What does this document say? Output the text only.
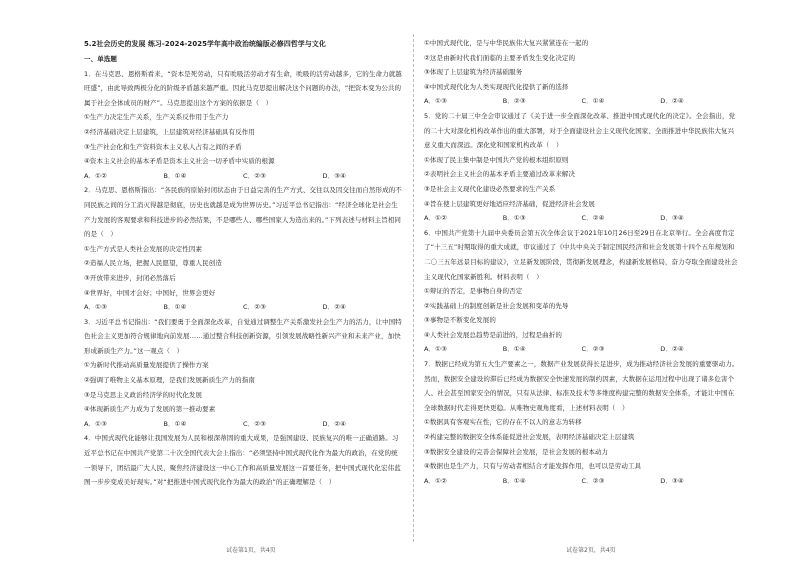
5.2社会历史的发展 练习-2024-2025学年高中政治统编版必修四哲学与文化
一、单选题

1．在马克思、恩格斯看来，“资本是死劳动，只有吮吸活劳动才有生命，吮吸的活劳动越多，它的生命力就越旺盛”，由此导致两极分化的阶级矛盾越来越严重。因此马克思提出解决这个问题的办法，“把资本变为公共的属于社会全体成员的财产”。马克思提出这个方案的依据是（　）

①生产力决定生产关系，生产关系反作用于生产力

②经济基础决定上层建筑，上层建筑对经济基础具有反作用

③生产社会化和生产资料资本主义私人占有之间的矛盾

④资本主义社会的基本矛盾是资本主义社会一切矛盾中实质的根源

A．①②	B．①④	C．②③	D．③④

2．马克思、恩格斯指出：“各民族的原始封闭状态由于日益完善的生产方式、交往以及因交往而自然形成的不同民族之间的分工消灭得越是彻底，历史也就越是成为世界历史。”习近平总书记指出：“经济全球化是社会生产力发展的客观要求和科技进步的必然结果，不是哪些人、哪些国家人为造出来的。”下列表述与材料主旨相同的是（　）

①生产方式是人类社会发展的决定性因素

②造福人民立场，把握人民愿望，尊重人民创造

③开放带来进步，封闭必然落后

④世界好，中国才会好；中国好，世界会更好

A．①③	B．①④	C．②③	D．②④

3．习近平总书记指出：“我们要勇于全面深化改革，自觉通过调整生产关系激发社会生产力的活力，让中国特色社会主义更加符合规律地向前发展……通过整合科技创新资源，引领发展战略性新兴产业和未来产业，加快形成新质生产力。”这一观点（　）

①为新时代推动高质量发展提供了操作方案

②强调了唯物主义基本原理，是我们发展新质生产力的指南

③是马克思主义政治经济学的时代化发展

④体现新质生产力成为了发展的第一推动要素

A．①③	B．①④	C．②③	D．②④

4．中国式现代化能够让我国发展为人民和根深蒂固的重大成果，是强国建设、民族复兴的唯一正确道路。习近平总书记在中国共产党第二十次全国代表大会上指出：“必须坚持中国式现代化作为最大的政治，在党的统一领导下，团结最广大人民，聚焦经济建设这一中心工作和高质量发展这一首要任务，把中国式现代化宏伟蓝图一步步变成美好现实。”对“把推进中国式现代化作为最大的政治”的正确理解是（　）

①中国式现代化，是与中华民族伟大复兴紧紧连在一起的

②这是由新时代我们面临的主要矛盾发生变化决定的

③体现了上层建筑为经济基础服务

④中国式现代化为人类实现现代化提供了新的选择

A．①③	B．②③	C．①④	D．②④

5．党的二十届三中全会审议通过了《关于进一步全面深化改革、推进中国式现代化的决定》。全会指出，党的二十大对深化机构改革作出的重大部署，对于全面建设社会主义现代化国家、全面推进中华民族伟大复兴意义重大而深远。深化党和国家机构改革（　）

①体现了民主集中制是中国共产党的根本组织原则

②表明社会主义社会的基本矛盾主要通过改革来解决

③是社会主义现代化建设必然要求的生产关系

④旨在使上层建筑更好地适应经济基础，促进经济社会发展

A．①②	B．①③	C．②④	D．③④

6．中国共产党第十九届中央委员会第五次全体会议于2021年10月26日至29日在北京举行。全会高度肯定了“十三五”时期取得的重大成就，审议通过了《中共中央关于制定国民经济和社会发展第十四个五年规划和二〇三五年远景目标的建议》，立足新发展阶段，贯彻新发展理念，构建新发展格局，奋力夺取全面建设社会主义现代化国家新胜利。材料表明（　）

①辩证的否定，是事物自身的否定

②实践基础上的制度创新是社会发展和变革的先导

③事物是不断变化发展的

④人类社会发展总趋势是前进的，过程是曲折的

A．①③	B．①④	C．②③	D．②④

7．数据已经成为第五大生产要素之一，数据产业发展获得长足进步，成为推动经济社会发展的重要驱动力。然而，数据安全建设的滞后已经成为数据安全快速发展的制约因素，大数据在运用过程中出现了诸多危害个人、社会甚至国家安全的情况，只有从法律、标准及技术等多维度构建完整的数据安全体系，才能让中国在全球数据时代走得更快更稳。从唯物史观角度看，上述材料表明（　）

①数据具有客观实在性，它的存在不以人的意志为转移

②构建完整的数据安全体系能促进社会发展，表明经济基础决定上层建筑

③数据安全建设的完善会保障社会发展，是社会发展的根本动力

④数据也是生产力，只有与劳动者相结合才能发挥作用，也可以是劳动工具

A．①②	B．①④	C．②③	D．③④
试卷第1页，共4页	试卷第2页，共4页
